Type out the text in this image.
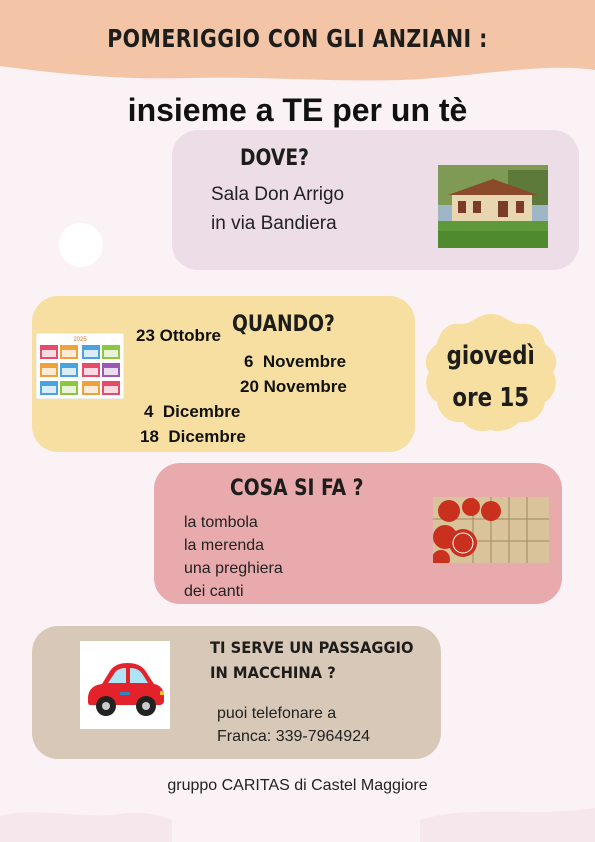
POMERIGGIO CON GLI ANZIANI :
insieme a TE per un tè
DOVE?
Sala Don Arrigo
in via Bandiera
2025
QUANDO?
23 Ottobre
6  Novembre
20 Novembre
4  Dicembre
18  Dicembre
giovedì
ore 15
COSA SI FA ?
la tombola
la merenda
una preghiera
dei canti
TI SERVE UN PASSAGGIO
IN MACCHINA ?
puoi telefonare a
Franca: 339-7964924
gruppo CARITAS di Castel Maggiore
